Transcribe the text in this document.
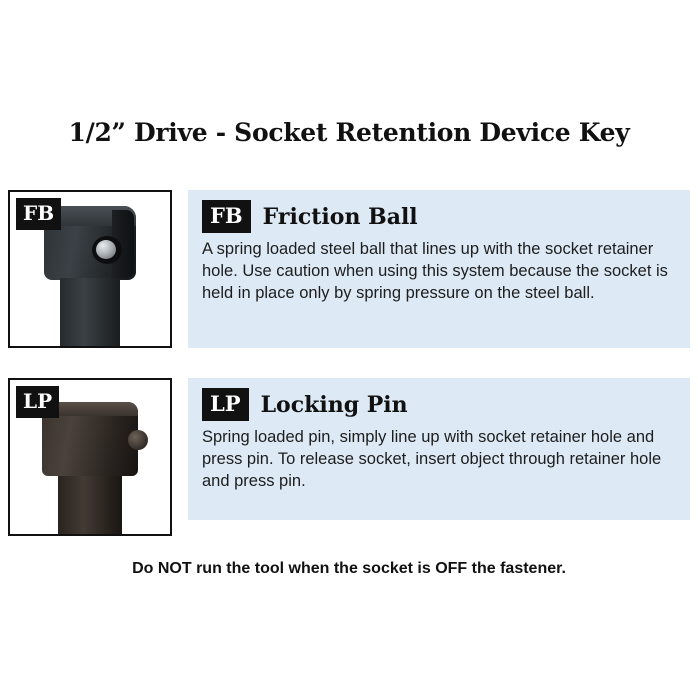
1/2” Drive - Socket Retention Device Key
FB	FB Friction Ball
A spring loaded steel ball that lines up with the socket retainer hole. Use caution when using this system because the socket is held in place only by spring pressure on the steel ball.
LP	LP Locking Pin
Spring loaded pin, simply line up with socket retainer hole and press pin. To release socket, insert object through retainer hole and press pin.
Do NOT run the tool when the socket is OFF the fastener.
